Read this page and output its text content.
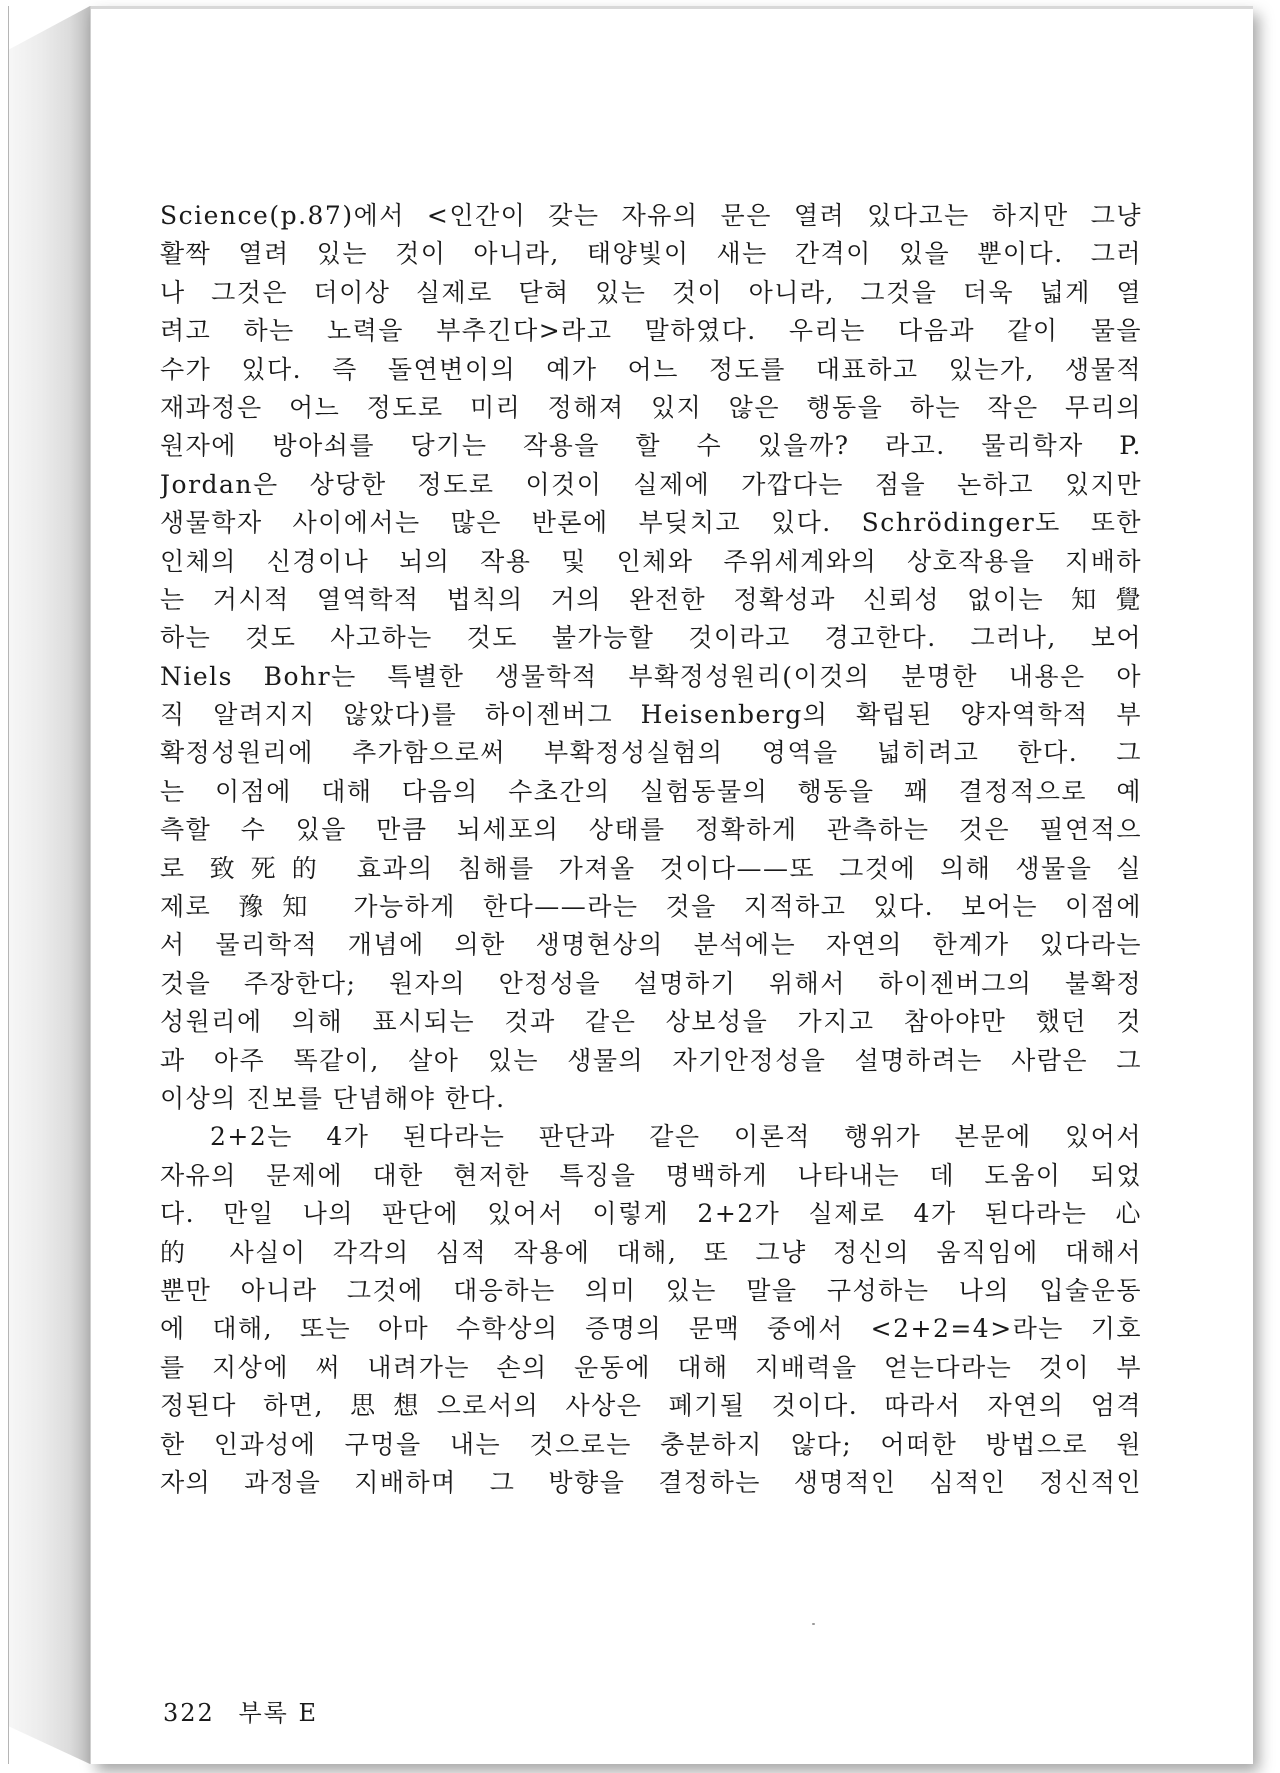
Science(p.87)에서 <인간이 갖는 자유의 문은 열려 있다고는 하지만 그냥
활짝 열려 있는 것이 아니라, 태양빛이 새는 간격이 있을 뿐이다. 그러
나 그것은 더이상 실제로 닫혀 있는 것이 아니라, 그것을 더욱 넓게 열
려고 하는 노력을 부추긴다>라고 말하였다. 우리는 다음과 같이 물을
수가 있다. 즉 돌연변이의 예가 어느 정도를 대표하고 있는가, 생물적
재과정은 어느 정도로 미리 정해져 있지 않은 행동을 하는 작은 무리의
원자에 방아쇠를 당기는 작용을 할 수 있을까? 라고. 물리학자 P.
Jordan은 상당한 정도로 이것이 실제에 가깝다는 점을 논하고 있지만
생물학자 사이에서는 많은 반론에 부딪치고 있다. Schrödinger도 또한
인체의 신경이나 뇌의 작용 및 인체와 주위세계와의 상호작용을 지배하
는 거시적 열역학적 법칙의 거의 완전한 정확성과 신뢰성 없이는 知覺
하는 것도 사고하는 것도 불가능할 것이라고 경고한다. 그러나, 보어
Niels Bohr는 특별한 생물학적 부확정성원리(이것의 분명한 내용은 아
직 알려지지 않았다)를 하이젠버그 Heisenberg의 확립된 양자역학적 부
확정성원리에 추가함으로써 부확정성실험의 영역을 넓히려고 한다. 그
는 이점에 대해 다음의 수초간의 실험동물의 행동을 꽤 결정적으로 예
측할 수 있을 만큼 뇌세포의 상태를 정확하게 관측하는 것은 필연적으
로 致死的 효과의 침해를 가져올 것이다——또 그것에 의해 생물을 실
제로 豫知 가능하게 한다——라는 것을 지적하고 있다. 보어는 이점에
서 물리학적 개념에 의한 생명현상의 분석에는 자연의 한계가 있다라는
것을 주장한다; 원자의 안정성을 설명하기 위해서 하이젠버그의 불확정
성원리에 의해 표시되는 것과 같은 상보성을 가지고 참아야만 했던 것
과 아주 똑같이, 살아 있는 생물의 자기안정성을 설명하려는 사람은 그
이상의 진보를 단념해야 한다.
2+2는 4가 된다라는 판단과 같은 이론적 행위가 본문에 있어서
자유의 문제에 대한 현저한 특징을 명백하게 나타내는 데 도움이 되었
다. 만일 나의 판단에 있어서 이렇게 2+2가 실제로 4가 된다라는 心
的 사실이 각각의 심적 작용에 대해, 또 그냥 정신의 움직임에 대해서
뿐만 아니라 그것에 대응하는 의미 있는 말을 구성하는 나의 입술운동
에 대해, 또는 아마 수학상의 증명의 문맥 중에서 <2+2=4>라는 기호
를 지상에 써 내려가는 손의 운동에 대해 지배력을 얻는다라는 것이 부
정된다 하면, 思想으로서의 사상은 폐기될 것이다. 따라서 자연의 엄격
한 인과성에 구멍을 내는 것으로는 충분하지 않다; 어떠한 방법으로 원
자의 과정을 지배하며 그 방향을 결정하는 생명적인 심적인 정신적인
322 부록 E
